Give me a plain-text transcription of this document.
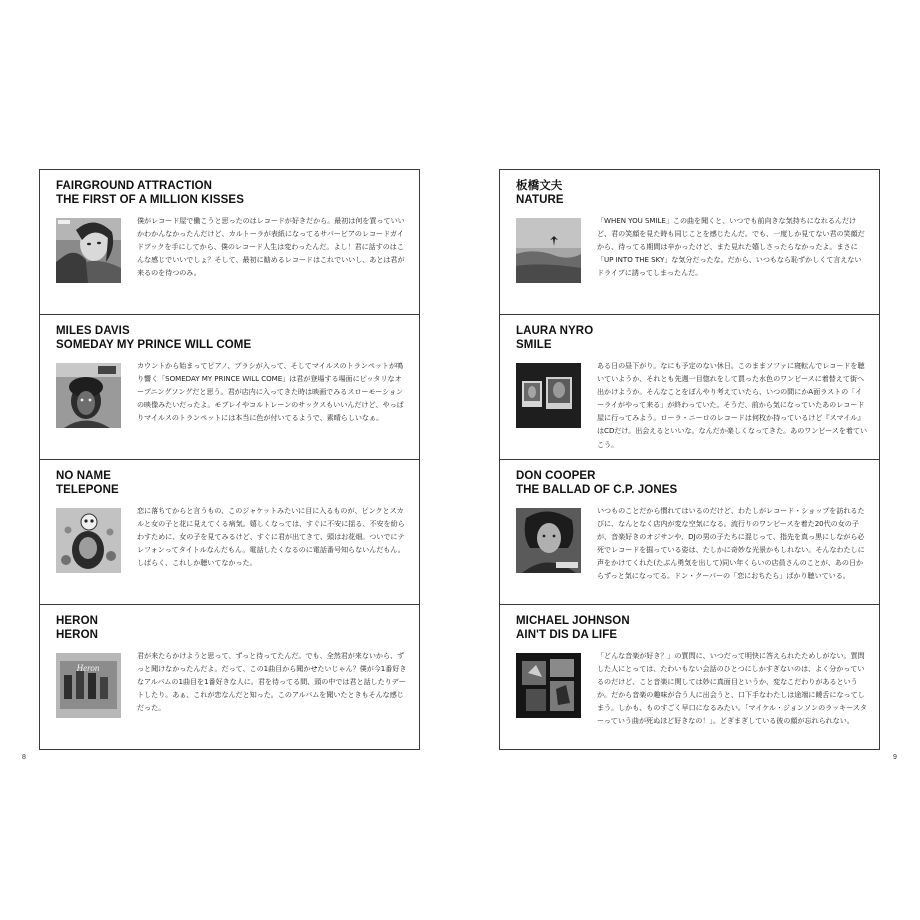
FAIRGROUND ATTRACTION
THE FIRST OF A MILLION KISSES
僕がレコード屋で働こうと思ったのはレコードが好きだから。最初は何を買っていいかわかんなかったんだけど、カルトーラが表紙になってるサバービアのレコードガイドブックを手にしてから、僕のレコード人生は変わったんだ。よし！君に話すのはこんな感じでいいでしょ？そして、最初に勧めるレコードはこれでいいし、あとは君が来るのを待つのみ。
MILES DAVIS
SOMEDAY MY PRINCE WILL COME
カウントから始まってピアノ、ブラシが入って、そしてマイルスのトランペットが鳴り響く「SOMEDAY MY PRINCE WILL COME」は君が登場する場面にピッタリなオープニングソングだと思う。君が店内に入ってきた時は映画でみるスローモーションの映像みたいだったよ。モブレイやコルトレーンのサックスもいいんだけど、やっぱりマイルスのトランペットには本当に色が付いてるようで、素晴らしいなぁ。
NO NAME
TELEPONE
恋に落ちてからと言うもの、このジャケットみたいに目に入るものが、ピンクとスカルと女の子と花に見えてくる病気。嬉しくなっては、すぐに不安に揺る、不安を紛らわすために、女の子を見てみるけど、すぐに君が出てきて、頭はお花畑。ついでにテレフォンってタイトルなんだもん。電話したくなるのに電話番号知らないんだもん。しばらく、これしか聴いてなかった。
HERON
HERON
Heron
君が来たらかけようと思って、ずっと待ってたんだ。でも、全然君が来ないから、ずっと聞けなかったんだよ。だって、この1曲目から聞かせたいじゃん？僕が今1番好きなアルバムの1曲目を1番好きな人に。君を待ってる間、頭の中では君と話したりデートしたり。あぁ、これが恋なんだと知った。このアルバムを聞いたときもそんな感じだった。
板橋文夫
NATURE
「WHEN YOU SMILE」この曲を聞くと、いつでも前向きな気持ちになれるんだけど、君の笑顔を見た時も同じことを感じたんだ。でも、一度しか見てない君の笑顔だから、待ってる期間は辛かったけど、また見れた嬉しさったらなかったよ。まさに「UP INTO THE SKY」な気分だったな。だから、いつもなら恥ずかしくて言えないドライブに誘ってしまったんだ。
LAURA NYRO
SMILE
ある日の昼下がり。なにも予定のない休日。このままソファに寝転んでレコードを聴いていようか、それとも先週一目惚れをして買った水色のワンピースに着替えて街へ出かけようか。そんなことをぼんやり考えていたら、いつの間にかA面ラストの「イーライがやって来る」が終わっていた。そうだ、前から気になっていたあのレコード屋に行ってみよう。ローラ・ニーロのレコードは何枚か持っているけど『スマイル』はCDだけ。出会えるといいな。なんだか楽しくなってきた。あのワンピースを着ていこう。
DON COOPER
THE BALLAD OF C.P. JONES
いつものことだから慣れてはいるのだけど、わたしがレコード・ショップを訪れるたびに、なんとなく店内が変な空気になる。流行りのワンピースを着た20代の女の子が、音楽好きのオジサンや、DJの男の子たちに混じって、指先を真っ黒にしながら必死でレコードを掘っている姿は、たしかに奇妙な光景かもしれない。そんなわたしに声をかけてくれた(たぶん勇気を出して)同い年くらいの店員さんのことが、あの日からずっと気になってる。ドン・クーパーの「恋におちたら」ばかり聴いている。
MICHAEL JOHNSON
AIN'T DIS DA LIFE
「どんな音楽が好き？」の質問に、いつだって明快に答えられたためしがない。質問した人にとっては、たわいもない会話のひとつにしかすぎないのは、よく分かっているのだけど、こと音楽に関しては妙に真面目というか、変なこだわりがあるというか。だから音楽の趣味が合う人に出会うと、口下手なわたしは途端に饒舌になってしまう。しかも、ものすごく早口になるみたい。「マイケル・ジョンソンのラッキースターっていう曲が死ぬほど好きなの！」。どぎまぎしている彼の顔が忘れられない。
8	9
